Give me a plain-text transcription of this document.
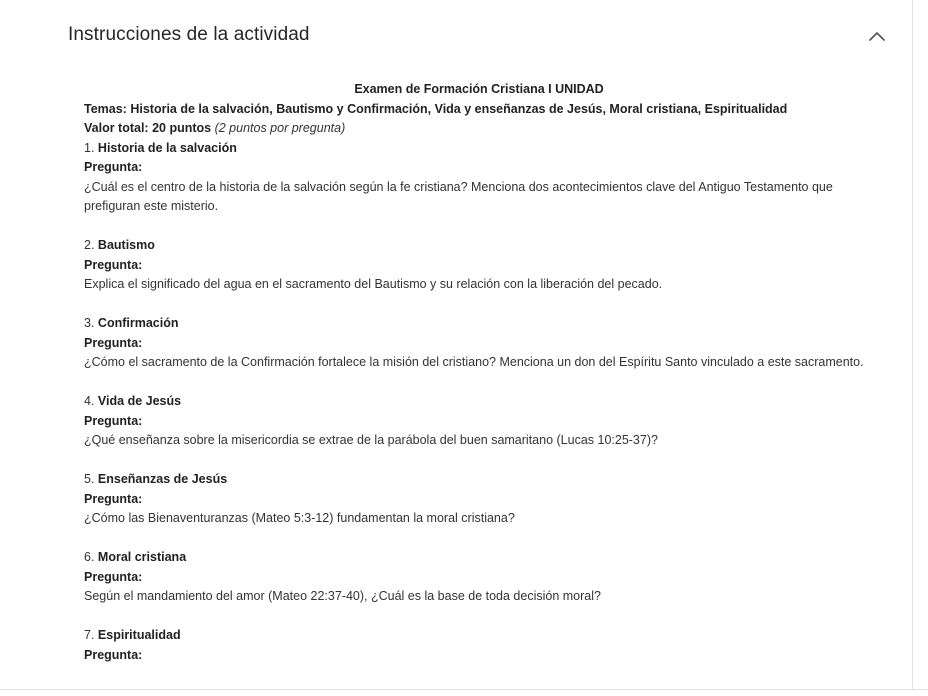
Instrucciones de la actividad
Examen de Formación Cristiana I UNIDAD
Temas: Historia de la salvación, Bautismo y Confirmación, Vida y enseñanzas de Jesús, Moral cristiana, Espiritualidad
Valor total: 20 puntos (2 puntos por pregunta)
1. Historia de la salvación
Pregunta:
¿Cuál es el centro de la historia de la salvación según la fe cristiana? Menciona dos acontecimientos clave del Antiguo Testamento que prefiguran este misterio.
2. Bautismo
Pregunta:
Explica el significado del agua en el sacramento del Bautismo y su relación con la liberación del pecado.
3. Confirmación
Pregunta:
¿Cómo el sacramento de la Confirmación fortalece la misión del cristiano? Menciona un don del Espíritu Santo vinculado a este sacramento.
4. Vida de Jesús
Pregunta:
¿Qué enseñanza sobre la misericordia se extrae de la parábola del buen samaritano (Lucas 10:25-37)?
5. Enseñanzas de Jesús
Pregunta:
¿Cómo las Bienaventuranzas (Mateo 5:3-12) fundamentan la moral cristiana?
6. Moral cristiana
Pregunta:
Según el mandamiento del amor (Mateo 22:37-40), ¿Cuál es la base de toda decisión moral?
7. Espiritualidad
Pregunta:
